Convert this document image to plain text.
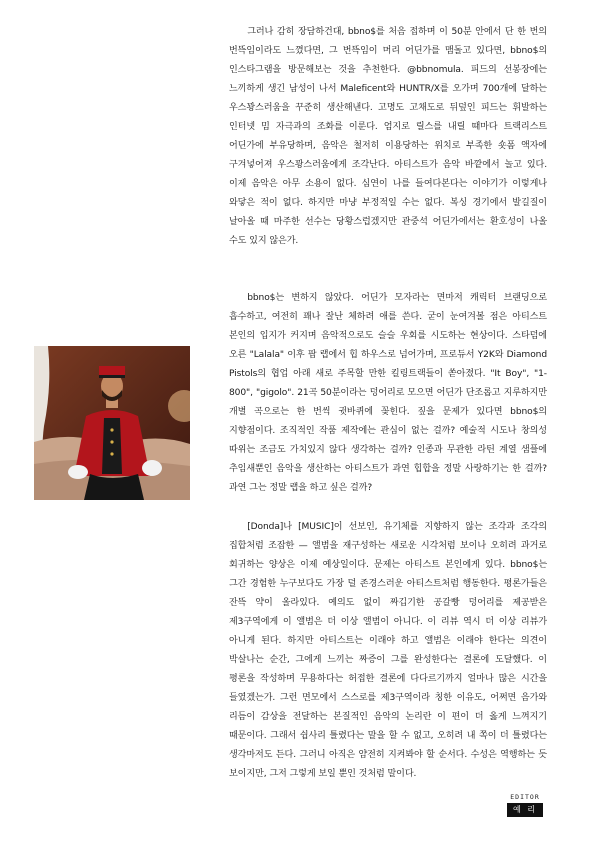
그러나 감히 장담하건대, bbno$를 처음 접하며 이 50분 안에서 단 한 번의 번뜩임이라도 느꼈다면, 그 번뜩임이 머리 어딘가를 맴돌고 있다면, bbno$의 인스타그램을 방문해보는 것을 추천한다. @bbnomula. 피드의 선봉장에는 느끼하게 생긴 남성이 나서 Maleficent와 HUNTR/X를 오가며 700개에 달하는 우스꽝스러움을 꾸준히 생산해낸다. 고명도 고채도로 뒤덮인 피드는 휘발하는 인터넷 밈 자극과의 조화를 이룬다. 엄지로 릴스를 내릴 때마다 트랙리스트 어딘가에 부유당하며, 음악은 철저히 이용당하는 위치로 부족한 숏폼 액자에 구겨넣어져 우스꽝스러움에게 조각난다. 아티스트가 음악 바깥에서 놀고 있다. 이제 음악은 아무 소용이 없다. 심연이 나를 들여다본다는 이야기가 이렇게나 와닿은 적이 없다. 하지만 마냥 부정적일 수는 없다. 복싱 경기에서 발길질이 날아올 때 마주한 선수는 당황스럽겠지만 관중석 어딘가에서는 환호성이 나올 수도 있지 않은가.

bbno$는 변하지 않았다. 어딘가 모자라는 면마저 캐릭터 브랜딩으로 흡수하고, 여전히 꽤나 잘난 체하려 애를 쓴다. 굳이 눈여겨볼 점은 아티스트 본인의 입지가 커지며 음악적으로도 슬슬 우회를 시도하는 현상이다. 스타덤에 오른 "Lalala" 이후 팝 랩에서 힙 하우스로 넘어가며, 프로듀서 Y2K와 Diamond Pistols의 협업 아래 새로 주목할 만한 킬링트랙들이 쏟아졌다. "It Boy", "1-800", "gigolo". 21곡 50분이라는 덩어리로 모으면 어딘가 단조롭고 지루하지만 개별 곡으로는 한 번씩 귓바퀴에 꽂힌다. 짚을 문제가 있다면 bbno$의 지향점이다. 조직적인 작품 제작에는 관심이 없는 걸까? 예술적 시도나 창의성 따위는 조금도 가치있지 않다 생각하는 걸까? 인종과 무관한 라틴 계열 샘플에 추임새뿐인 음악을 생산하는 아티스트가 과연 힙합을 정말 사랑하기는 한 걸까? 과연 그는 정말 랩을 하고 싶은 걸까?

[Donda]나 [MUSIC]이 선보인, 유기체를 지향하지 않는 조각과 조각의 집합처럼 조잡한 — 앨범을 재구성하는 새로운 시각처럼 보이나 오히려 과거로 회귀하는 양상은 이제 예상일이다. 문제는 아티스트 본인에게 있다. bbno$는 그간 경험한 누구보다도 가장 덜 존경스러운 아티스트처럼 행동한다. 평론가들은 잔뜩 약이 올라있다. 예의도 없이 짜깁기한 공갈빵 덩어리를 제공받은 제3구역에게 이 앨범은 더 이상 앨범이 아니다. 이 리뷰 역시 더 이상 리뷰가 아니게 된다. 하지만 아티스트는 이래야 하고 앨범은 이래야 한다는 의견이 박살나는 순간, 그에게 느끼는 짜증이 그를 완성한다는 결론에 도달했다. 이 평론을 작성하며 무용하다는 허접한 결론에 다다르기까지 얼마나 많은 시간을 들였겠는가. 그런 면모에서 스스로를 제3구역이라 칭한 이유도, 어쩌면 음가와 리듬이 감상을 전달하는 본질적인 음악의 논리란 이 편이 더 옳게 느껴지기 때문이다. 그래서 쉽사리 틀렸다는 말을 할 수 없고, 오히려 내 쪽이 더 틀렸다는 생각마저도 든다. 그러니 아직은 얌전히 지켜봐야 할 순서다. 수성은 역행하는 듯 보이지만, 그저 그렇게 보일 뿐인 것처럼 말이다.

EDITOR
예 리
